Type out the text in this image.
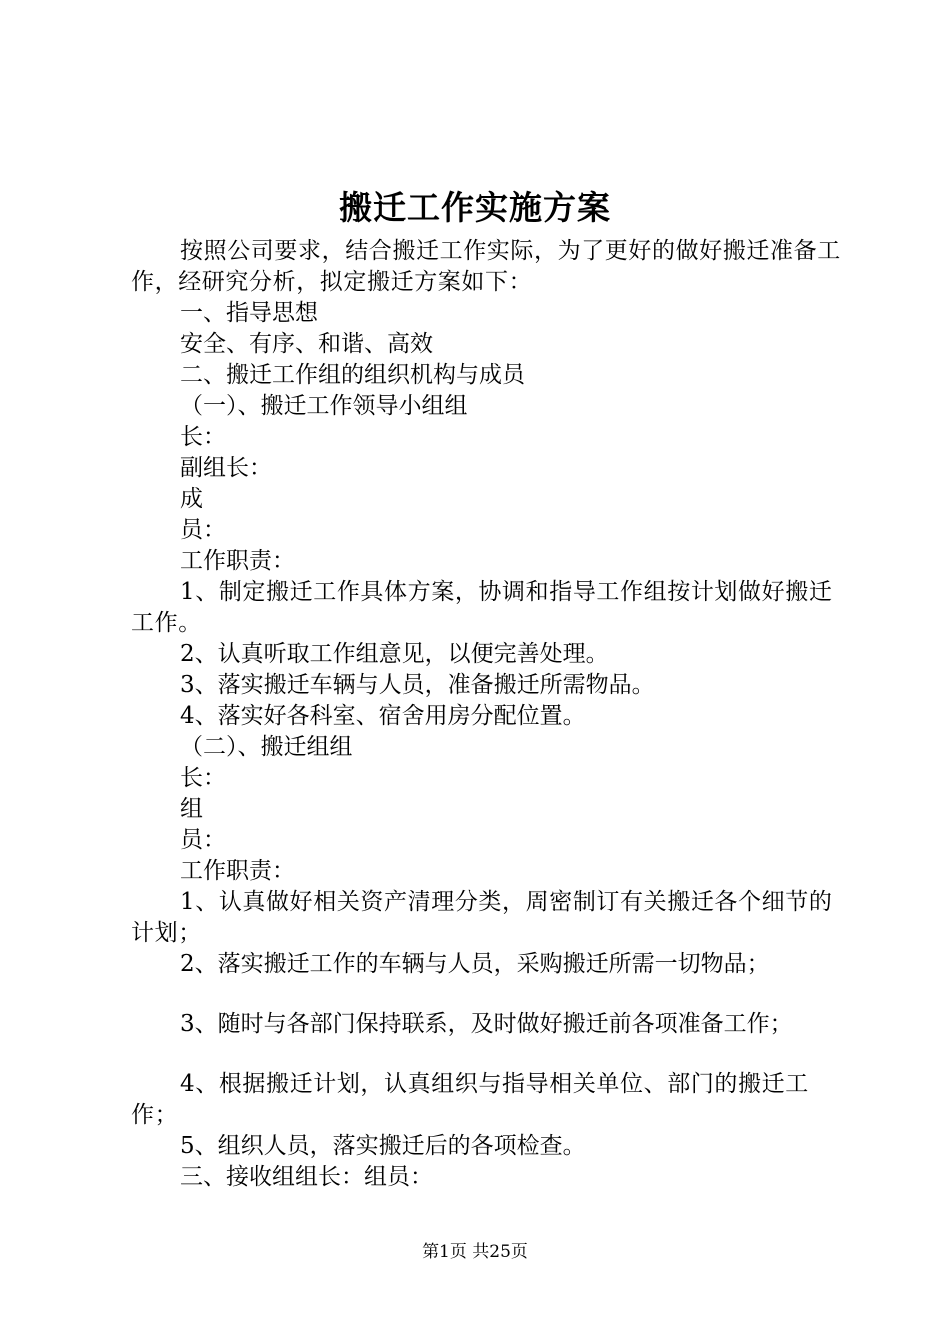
搬迁工作实施方案

按照公司要求，结合搬迁工作实际，为了更好的做好搬迁准备工作，经研究分析，拟定搬迁方案如下：

一、指导思想

安全、有序、和谐、高效

二、搬迁工作组的组织机构与成员

（一）、搬迁工作领导小组组

长：

副组长：

成

员：

工作职责：

1、制定搬迁工作具体方案，协调和指导工作组按计划做好搬迁工作。

2、认真听取工作组意见，以便完善处理。

3、落实搬迁车辆与人员，准备搬迁所需物品。

4、落实好各科室、宿舍用房分配位置。

（二）、搬迁组组

长：

组

员：

工作职责：

1、认真做好相关资产清理分类，周密制订有关搬迁各个细节的计划；

2、落实搬迁工作的车辆与人员，采购搬迁所需一切物品；

3、随时与各部门保持联系，及时做好搬迁前各项准备工作；

4、根据搬迁计划，认真组织与指导相关单位、部门的搬迁工作；

5、组织人员，落实搬迁后的各项检查。

三、接收组组长：组员：

第1页 共25页
